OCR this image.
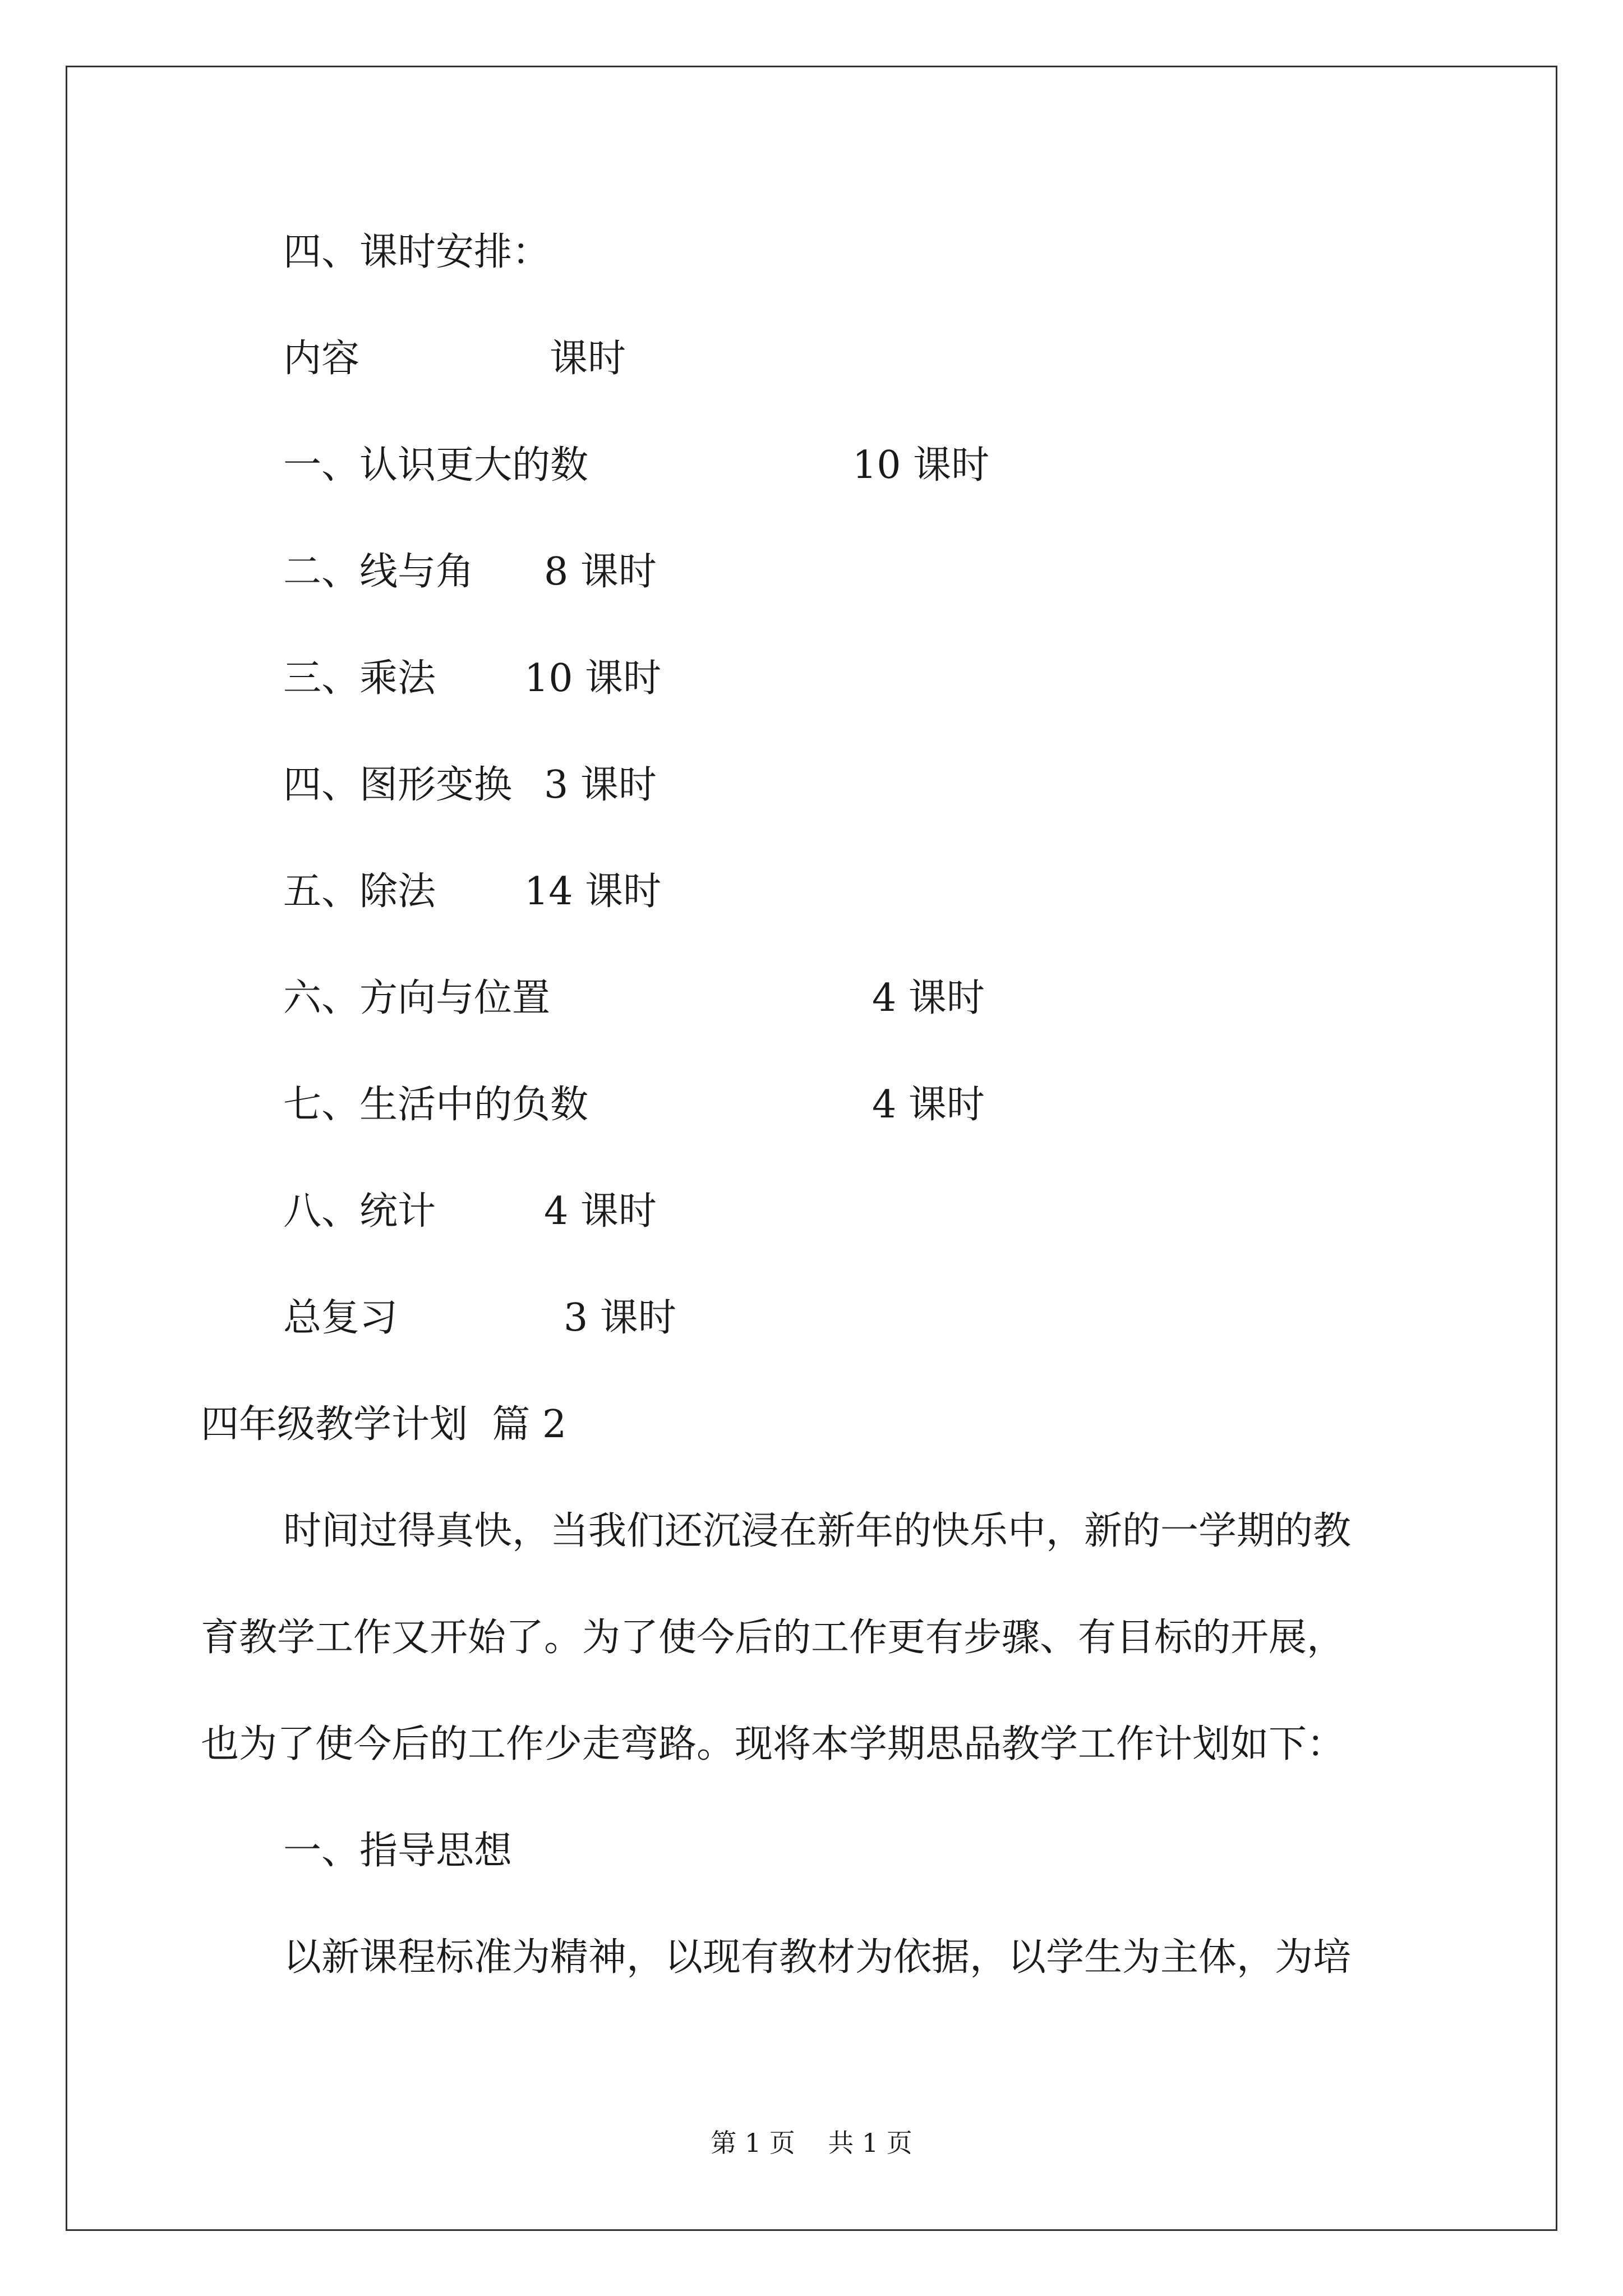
四、课时安排：
内容	课时
一、认识更大的数	10 课时
二、线与角 8 课时
三、乘法 10 课时
四、图形变换 3 课时
五、除法 14 课时
六、方向与位置	4 课时
七、生活中的负数	4 课时
八、统计	4 课时
总复习	3 课时
四年级教学计划  篇 2
时间过得真快，当我们还沉浸在新年的快乐中，新的一学期的教
育教学工作又开始了。为了使今后的工作更有步骤、有目标的开展，
也为了使今后的工作少走弯路。现将本学期思品教学工作计划如下：
一、指导思想
以新课程标准为精神，以现有教材为依据，以学生为主体，为培
第 1 页    共 1 页
